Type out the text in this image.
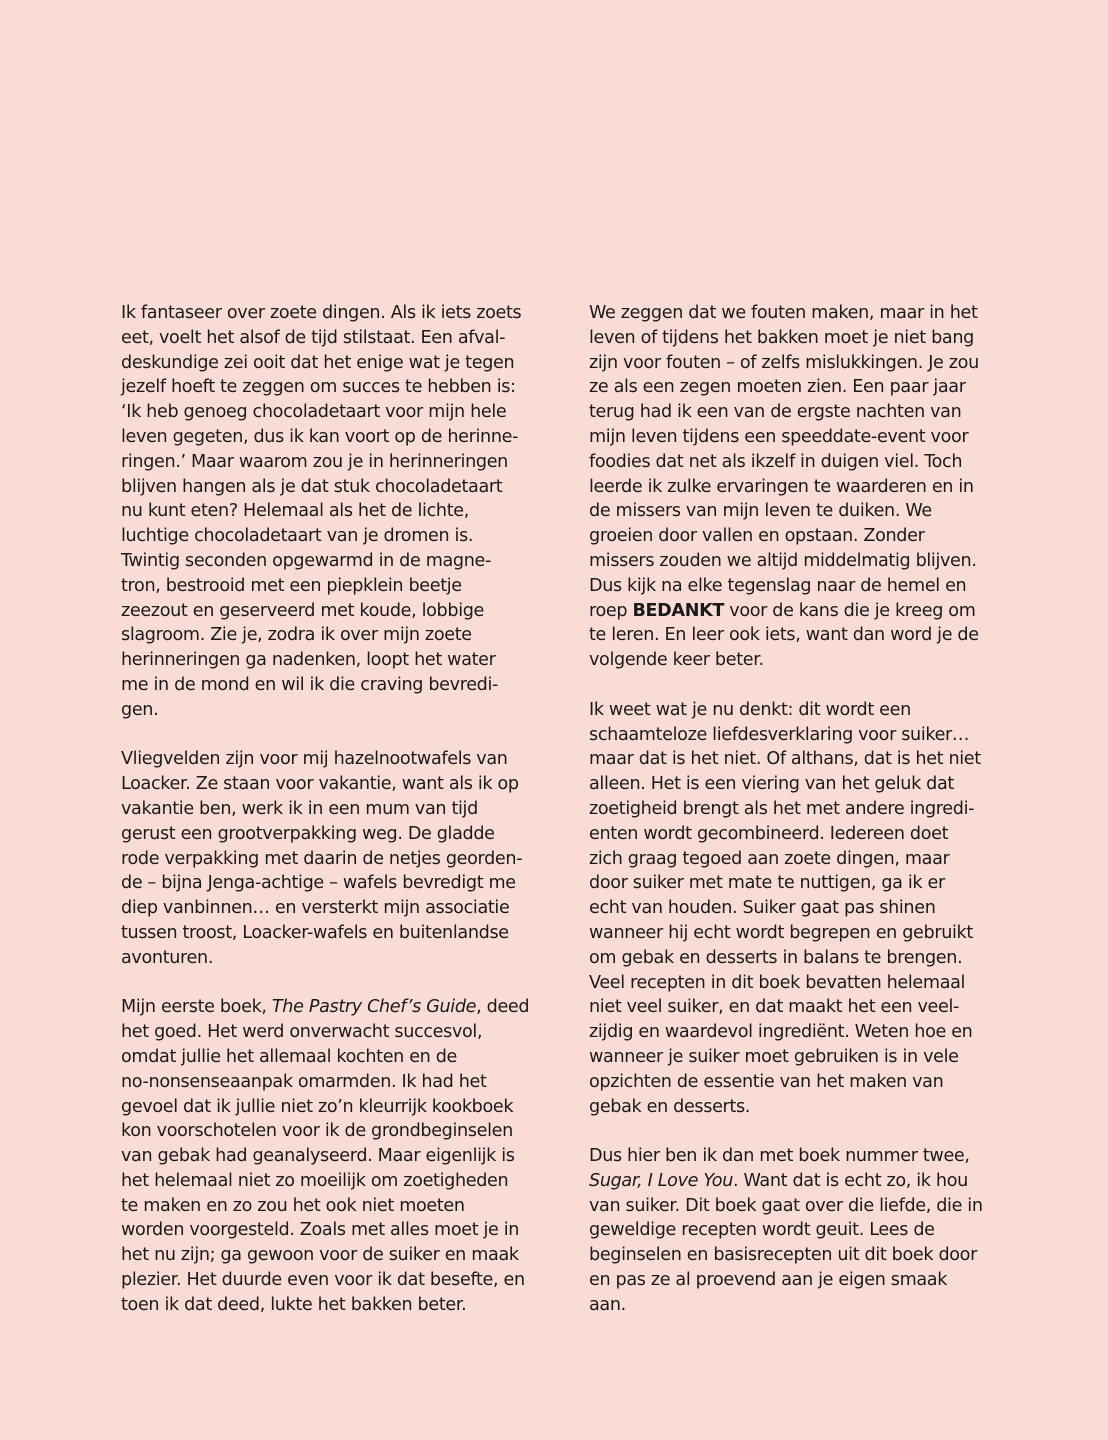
Ik fantaseer over zoete dingen. Als ik iets zoets
eet, voelt het alsof de tijd stilstaat. Een afval-
deskundige zei ooit dat het enige wat je tegen
jezelf hoeft te zeggen om succes te hebben is:
‘Ik heb genoeg chocoladetaart voor mijn hele
leven gegeten, dus ik kan voort op de herinne-
ringen.’ Maar waarom zou je in herinneringen
blijven hangen als je dat stuk chocoladetaart
nu kunt eten? Helemaal als het de lichte,
luchtige chocoladetaart van je dromen is.
Twintig seconden opgewarmd in de magne-
tron, bestrooid met een piepklein beetje
zeezout en geserveerd met koude, lobbige
slagroom. Zie je, zodra ik over mijn zoete
herinneringen ga nadenken, loopt het water
me in de mond en wil ik die craving bevredi-
gen.
Vliegvelden zijn voor mij hazelnootwafels van
Loacker. Ze staan voor vakantie, want als ik op
vakantie ben, werk ik in een mum van tijd
gerust een grootverpakking weg. De gladde
rode verpakking met daarin de netjes georden-
de – bijna Jenga-achtige – wafels bevredigt me
diep vanbinnen… en versterkt mijn associatie
tussen troost, Loacker-wafels en buitenlandse
avonturen.
Mijn eerste boek, The Pastry Chef’s Guide, deed
het goed. Het werd onverwacht succesvol,
omdat jullie het allemaal kochten en de
no-nonsenseaanpak omarmden. Ik had het
gevoel dat ik jullie niet zo’n kleurrijk kookboek
kon voorschotelen voor ik de grondbeginselen
van gebak had geanalyseerd. Maar eigenlijk is
het helemaal niet zo moeilijk om zoetigheden
te maken en zo zou het ook niet moeten
worden voorgesteld. Zoals met alles moet je in
het nu zijn; ga gewoon voor de suiker en maak
plezier. Het duurde even voor ik dat besefte, en
toen ik dat deed, lukte het bakken beter.
We zeggen dat we fouten maken, maar in het
leven of tijdens het bakken moet je niet bang
zijn voor fouten – of zelfs mislukkingen. Je zou
ze als een zegen moeten zien. Een paar jaar
terug had ik een van de ergste nachten van
mijn leven tijdens een speeddate-event voor
foodies dat net als ikzelf in duigen viel. Toch
leerde ik zulke ervaringen te waarderen en in
de missers van mijn leven te duiken. We
groeien door vallen en opstaan. Zonder
missers zouden we altijd middelmatig blijven.
Dus kijk na elke tegenslag naar de hemel en
roep BEDANKT voor de kans die je kreeg om
te leren. En leer ook iets, want dan word je de
volgende keer beter.
Ik weet wat je nu denkt: dit wordt een
schaamteloze liefdesverklaring voor suiker…
maar dat is het niet. Of althans, dat is het niet
alleen. Het is een viering van het geluk dat
zoetigheid brengt als het met andere ingredi-
enten wordt gecombineerd. Iedereen doet
zich graag tegoed aan zoete dingen, maar
door suiker met mate te nuttigen, ga ik er
echt van houden. Suiker gaat pas shinen
wanneer hij echt wordt begrepen en gebruikt
om gebak en desserts in balans te brengen.
Veel recepten in dit boek bevatten helemaal
niet veel suiker, en dat maakt het een veel-
zijdig en waardevol ingrediënt. Weten hoe en
wanneer je suiker moet gebruiken is in vele
opzichten de essentie van het maken van
gebak en desserts.
Dus hier ben ik dan met boek nummer twee,
Sugar, I Love You. Want dat is echt zo, ik hou
van suiker. Dit boek gaat over die liefde, die in
geweldige recepten wordt geuit. Lees de
beginselen en basisrecepten uit dit boek door
en pas ze al proevend aan je eigen smaak
aan.
